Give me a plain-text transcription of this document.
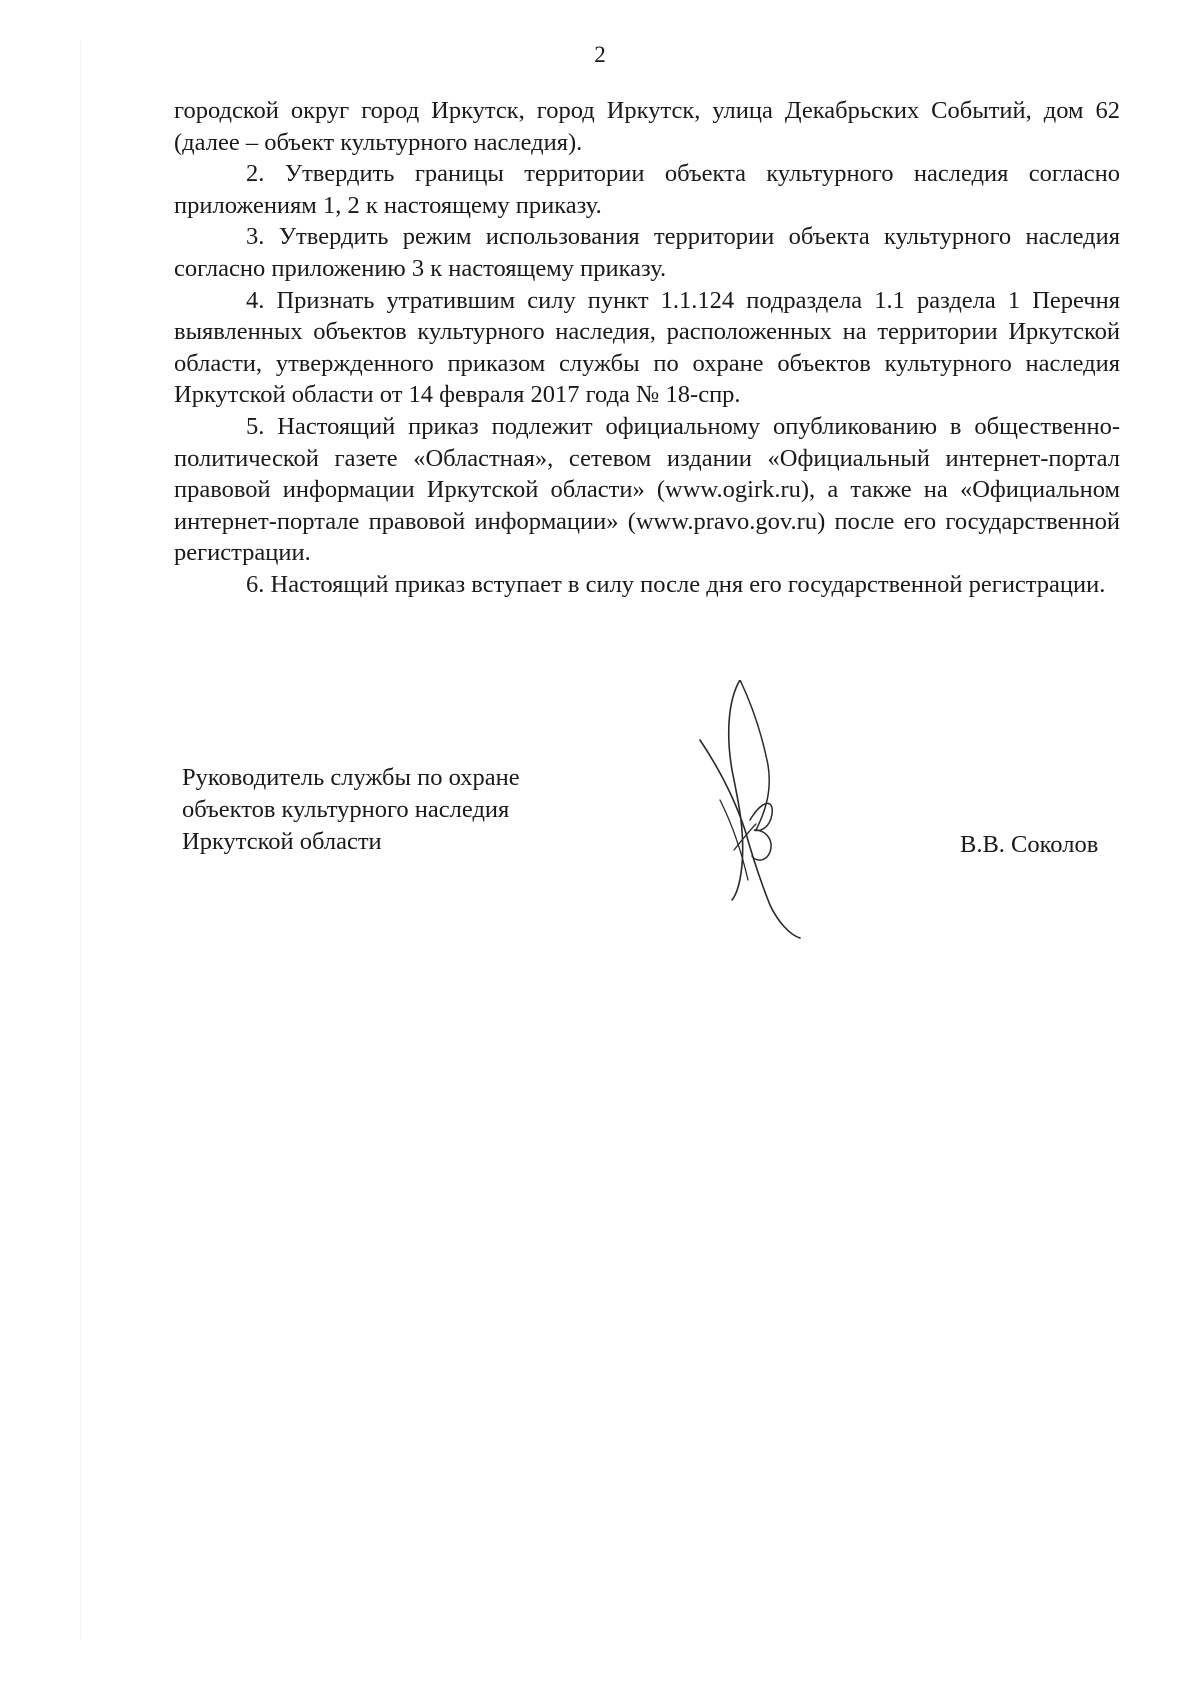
2

городской округ город Иркутск, город Иркутск, улица Декабрьских Событий, дом 62 (далее – объект культурного наследия).

2. Утвердить границы территории объекта культурного наследия согласно приложениям 1, 2 к настоящему приказу.

3. Утвердить режим использования территории объекта культурного наследия согласно приложению 3 к настоящему приказу.

4. Признать утратившим силу пункт 1.1.124 подраздела 1.1 раздела 1 Перечня выявленных объектов культурного наследия, расположенных на территории Иркутской области, утвержденного приказом службы по охране объектов культурного наследия Иркутской области от 14 февраля 2017 года № 18-спр.

5. Настоящий приказ подлежит официальному опубликованию в общественно-политической газете «Областная», сетевом издании «Официальный интернет-портал правовой информации Иркутской области» (www.ogirk.ru), а также на «Официальном интернет-портале правовой информации» (www.pravo.gov.ru) после его государственной регистрации.

6. Настоящий приказ вступает в силу после дня его государственной регистрации.

Руководитель службы по охране
объектов культурного наследия
Иркутской области	В.В. Соколов
